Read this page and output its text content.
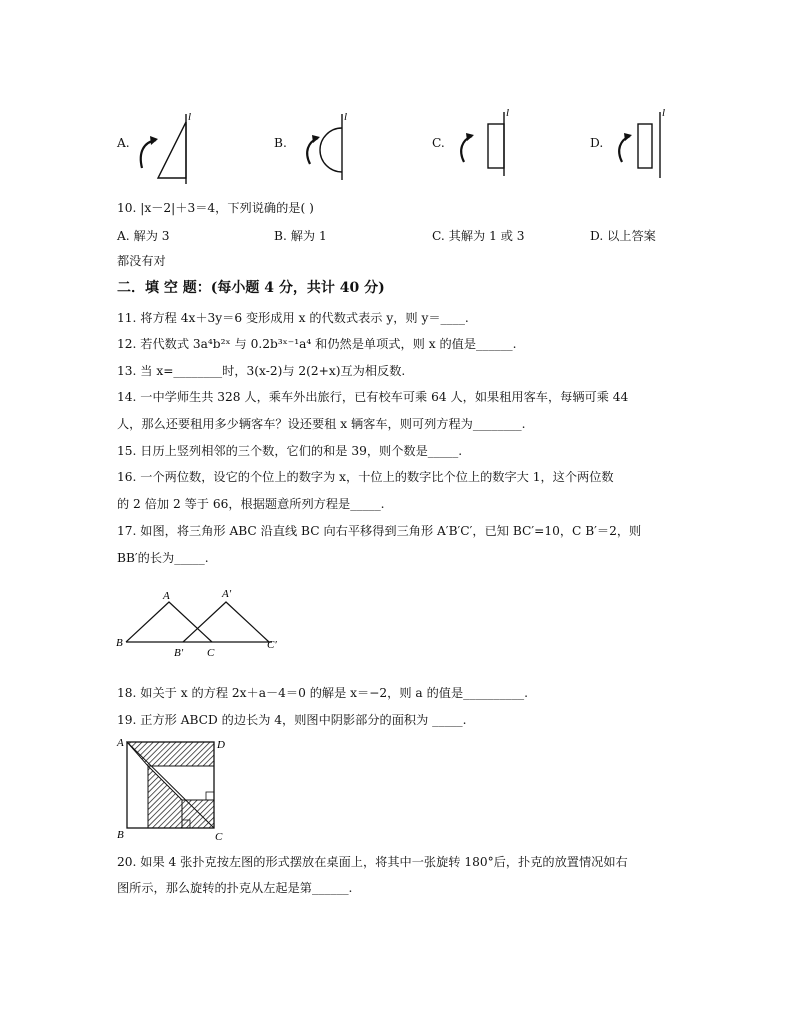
A.
l
B.
l
C.
l
D.
l
10. |x－2|＋3＝4，下列说确的是( )
A. 解为 3	B. 解为 1	C. 其解为 1 或 3	D. 以上答案
都没有对
二．填 空 题：(每小题 4 分，共计 40 分)
11. 将方程 4x＋3y＝6 变形成用 x 的代数式表示 y，则 y＝____.
12. 若代数式 3a⁴b²ˣ 与 0.2b³ˣ⁻¹a⁴ 和仍然是单项式，则 x 的值是______.
13. 当 x=________时，3(x-2)与 2(2+x)互为相反数.
14. 一中学师生共 328 人，乘车外出旅行，已有校车可乘 64 人，如果租用客车，每辆可乘 44
人，那么还要租用多少辆客车？设还要租 x 辆客车，则可列方程为________.
15. 日历上竖列相邻的三个数，它们的和是 39，则个数是_____.
16. 一个两位数，设它的个位上的数字为 x，十位上的数字比个位上的数字大 1，这个两位数
的 2 倍加 2 等于 66，根据题意所列方程是_____.
17. 如图，将三角形 ABC 沿直线 BC 向右平移得到三角形 A′B′C′，已知 BC′=10，C B′＝2，则
BB′的长为_____.
A	A′
B
B′ C
C′
18. 如关于 x 的方程 2x＋a－4＝0 的解是 x＝−2，则 a 的值是__________.
19. 正方形 ABCD 的边长为 4，则图中阴影部分的面积为 _____.
A	D
B	C
20. 如果 4 张扑克按左图的形式摆放在桌面上，将其中一张旋转 180°后，扑克的放置情况如右
图所示，那么旋转的扑克从左起是第______.
